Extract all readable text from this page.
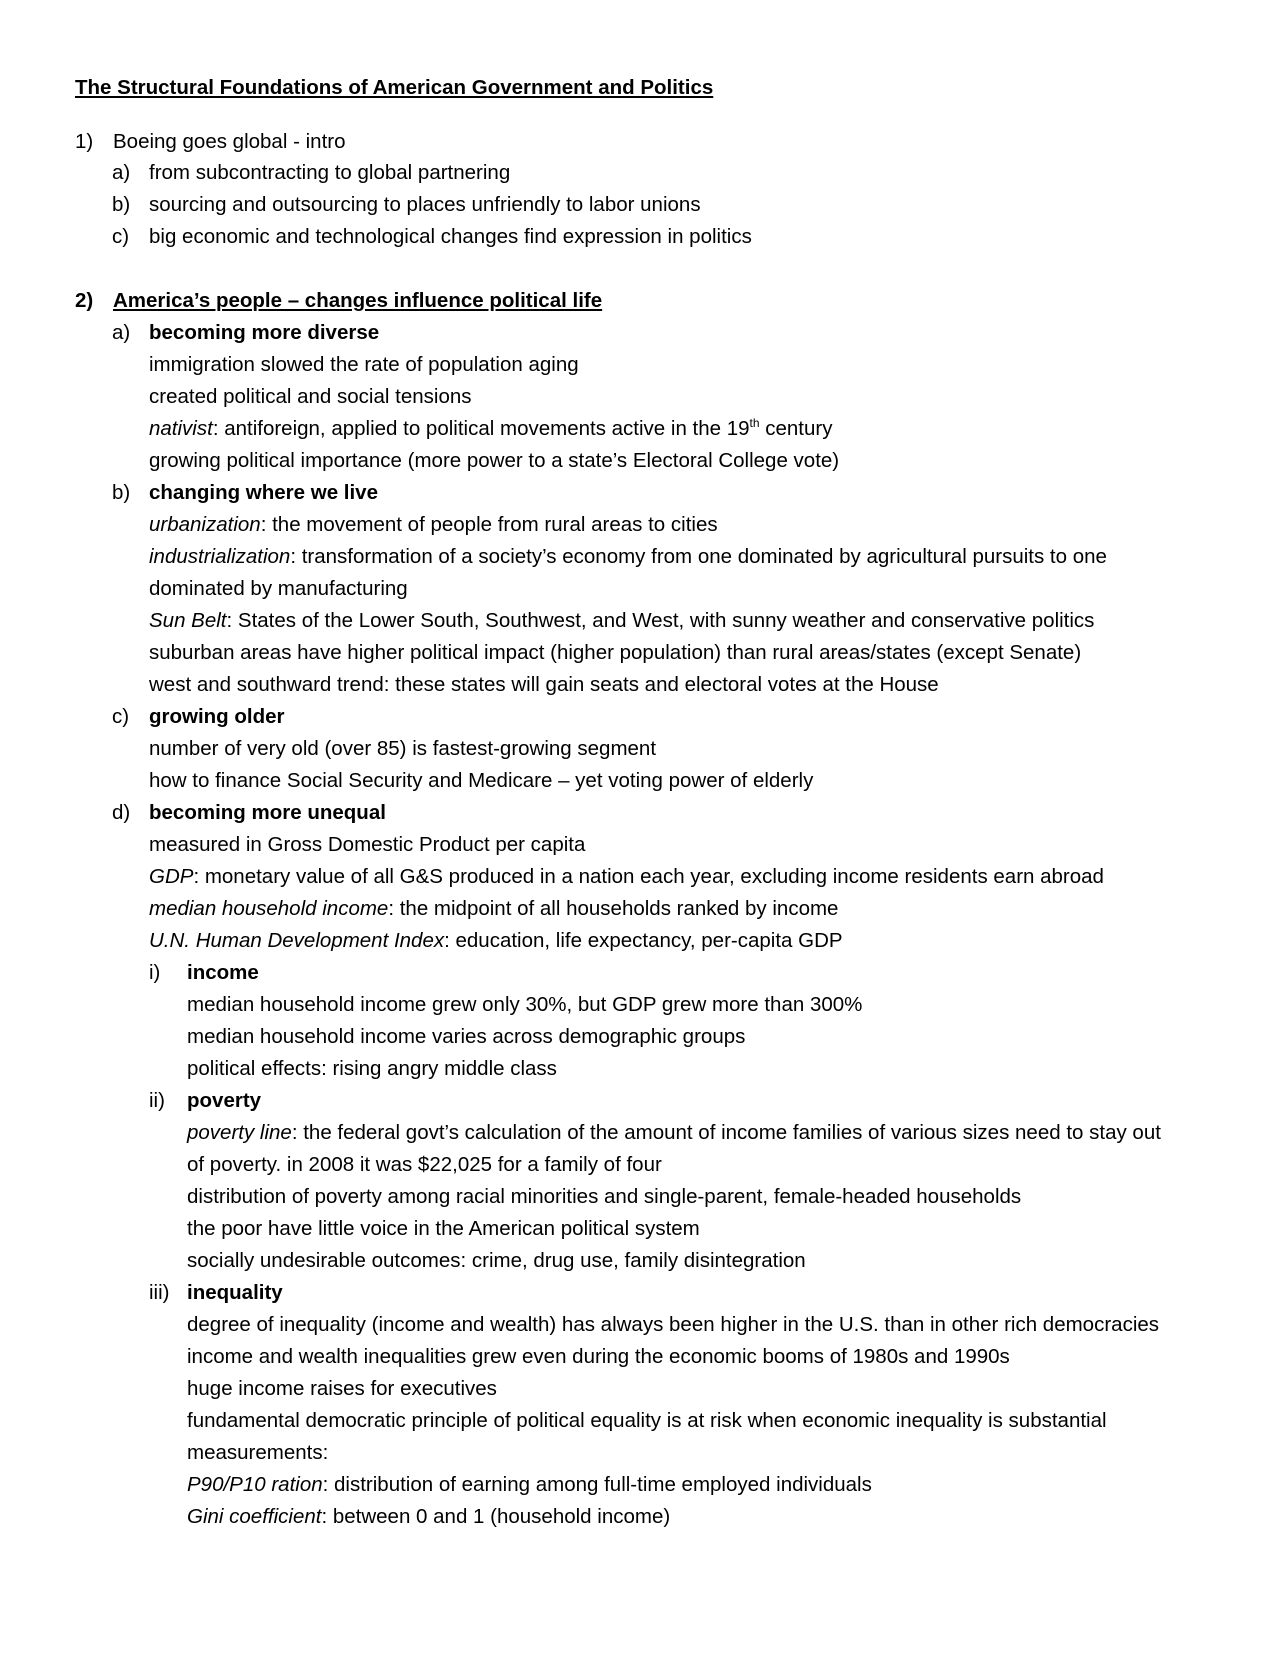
The Structural Foundations of American Government and Politics
1) Boeing goes global - intro
a) from subcontracting to global partnering
b) sourcing and outsourcing to places unfriendly to labor unions
c) big economic and technological changes find expression in politics
2) America’s people – changes influence political life
a) becoming more diverse
immigration slowed the rate of population aging
created political and social tensions
nativist: antiforeign, applied to political movements active in the 19th century
growing political importance (more power to a state’s Electoral College vote)
b) changing where we live
urbanization: the movement of people from rural areas to cities
industrialization: transformation of a society’s economy from one dominated by agricultural pursuits to one
dominated by manufacturing
Sun Belt: States of the Lower South, Southwest, and West, with sunny weather and conservative politics
suburban areas have higher political impact (higher population) than rural areas/states (except Senate)
west and southward trend: these states will gain seats and electoral votes at the House
c) growing older
number of very old (over 85) is fastest-growing segment
how to finance Social Security and Medicare – yet voting power of elderly
d) becoming more unequal
measured in Gross Domestic Product per capita
GDP: monetary value of all G&S produced in a nation each year, excluding income residents earn abroad
median household income: the midpoint of all households ranked by income
U.N. Human Development Index: education, life expectancy, per-capita GDP
i) income
median household income grew only 30%, but GDP grew more than 300%
median household income varies across demographic groups
political effects: rising angry middle class
ii) poverty
poverty line: the federal govt’s calculation of the amount of income families of various sizes need to stay out
of poverty. in 2008 it was $22,025 for a family of four
distribution of poverty among racial minorities and single-parent, female-headed households
the poor have little voice in the American political system
socially undesirable outcomes: crime, drug use, family disintegration
iii) inequality
degree of inequality (income and wealth) has always been higher in the U.S. than in other rich democracies
income and wealth inequalities grew even during the economic booms of 1980s and 1990s
huge income raises for executives
fundamental democratic principle of political equality is at risk when economic inequality is substantial
measurements:
P90/P10 ration: distribution of earning among full-time employed individuals
Gini coefficient: between 0 and 1 (household income)
